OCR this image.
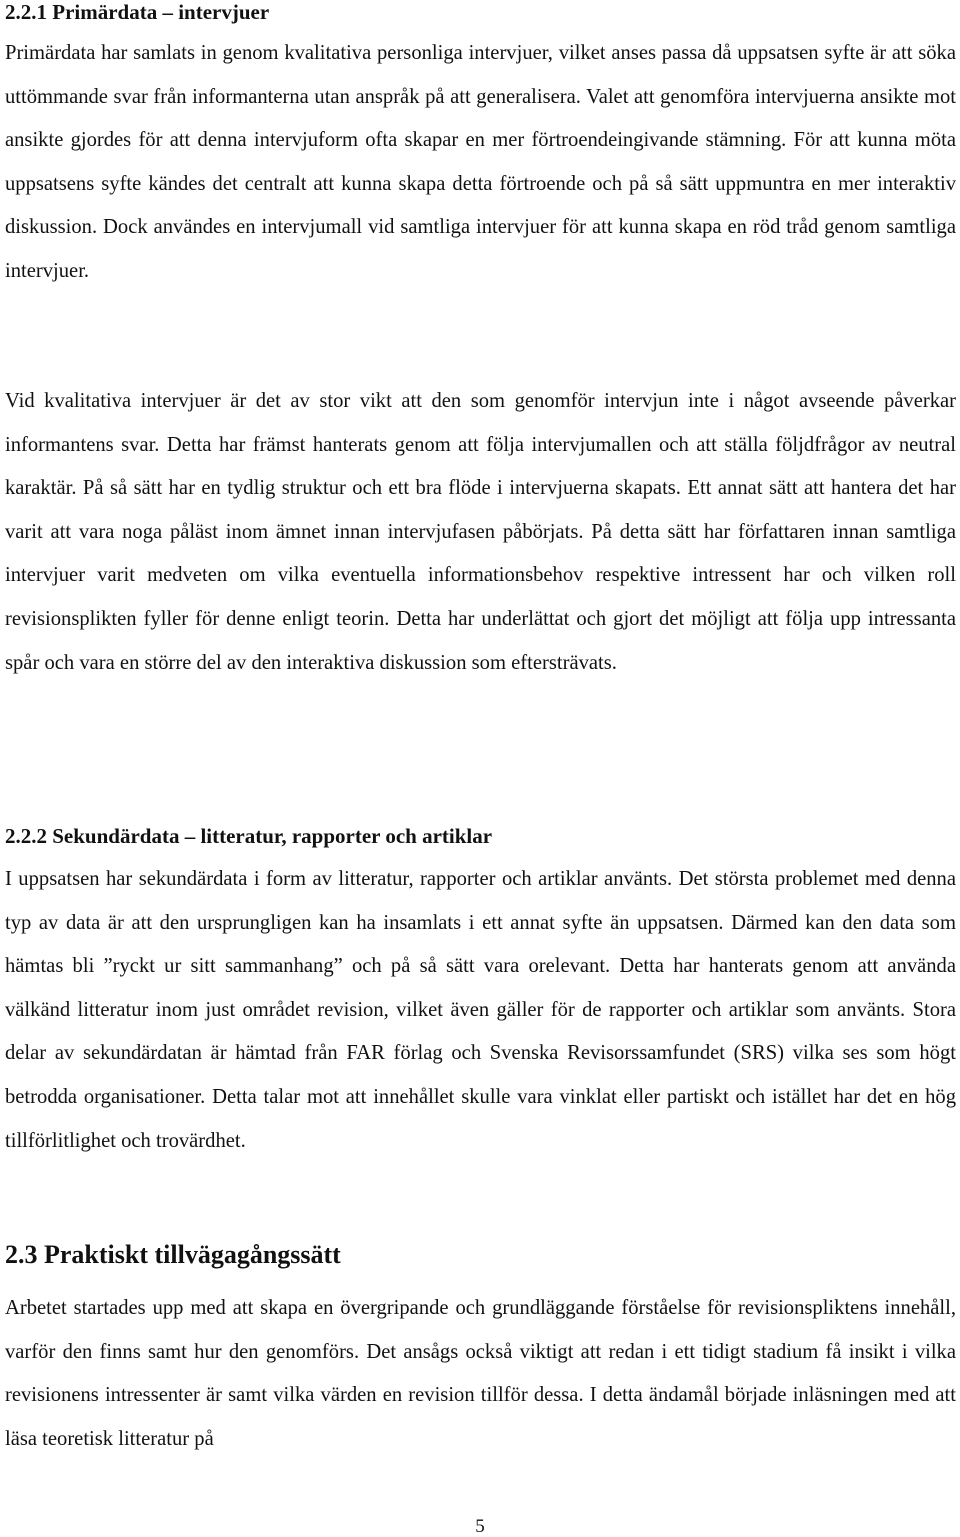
2.2.1 Primärdata – intervjuer

Primärdata har samlats in genom kvalitativa personliga intervjuer, vilket anses passa då uppsatsen syfte är att söka uttömmande svar från informanterna utan anspråk på att generalisera. Valet att genomföra intervjuerna ansikte mot ansikte gjordes för att denna intervjuform ofta skapar en mer förtroendeingivande stämning. För att kunna möta uppsatsens syfte kändes det centralt att kunna skapa detta förtroende och på så sätt uppmuntra en mer interaktiv diskussion. Dock användes en intervjumall vid samtliga intervjuer för att kunna skapa en röd tråd genom samtliga intervjuer.

Vid kvalitativa intervjuer är det av stor vikt att den som genomför intervjun inte i något avseende påverkar informantens svar. Detta har främst hanterats genom att följa intervjumallen och att ställa följdfrågor av neutral karaktär. På så sätt har en tydlig struktur och ett bra flöde i intervjuerna skapats. Ett annat sätt att hantera det har varit att vara noga påläst inom ämnet innan intervjufasen påbörjats. På detta sätt har författaren innan samtliga intervjuer varit medveten om vilka eventuella informationsbehov respektive intressent har och vilken roll revisionsplikten fyller för denne enligt teorin. Detta har underlättat och gjort det möjligt att följa upp intressanta spår och vara en större del av den interaktiva diskussion som eftersträvats.

2.2.2 Sekundärdata – litteratur, rapporter och artiklar

I uppsatsen har sekundärdata i form av litteratur, rapporter och artiklar använts. Det största problemet med denna typ av data är att den ursprungligen kan ha insamlats i ett annat syfte än uppsatsen. Därmed kan den data som hämtas bli ”ryckt ur sitt sammanhang” och på så sätt vara orelevant. Detta har hanterats genom att använda välkänd litteratur inom just området revision, vilket även gäller för de rapporter och artiklar som använts. Stora delar av sekundärdatan är hämtad från FAR förlag och Svenska Revisorssamfundet (SRS) vilka ses som högt betrodda organisationer. Detta talar mot att innehållet skulle vara vinklat eller partiskt och istället har det en hög tillförlitlighet och trovärdhet.

2.3 Praktiskt tillvägagångssätt

Arbetet startades upp med att skapa en övergripande och grundläggande förståelse för revisionspliktens innehåll, varför den finns samt hur den genomförs. Det ansågs också viktigt att redan i ett tidigt stadium få insikt i vilka revisionens intressenter är samt vilka värden en revision tillför dessa. I detta ändamål började inläsningen med att läsa teoretisk litteratur på

5
